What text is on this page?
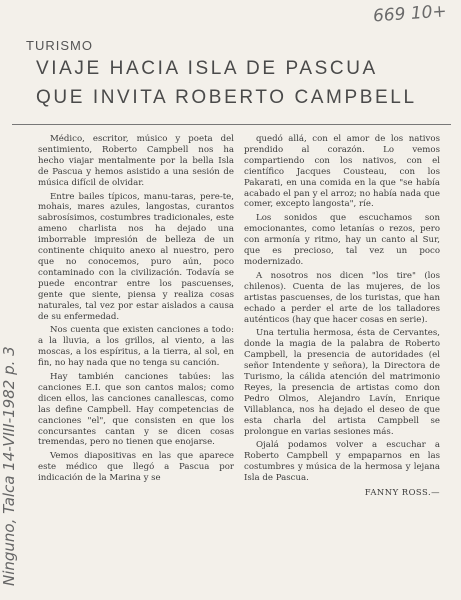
669 10+
TURISMO
VIAJE HACIA ISLA DE PASCUA
QUE INVITA ROBERTO CAMPBELL

Médico, escritor, músico y poeta del sentimiento, Roberto Campbell nos ha hecho viajar mentalmente por la bella Isla de Pascua y hemos asistido a una sesión de música difícil de olvidar.

Entre bailes típicos, manu-taras, pere-te, mohais, mares azules, langostas, curantos sabrosísimos, costumbres tradicionales, este ameno charlista nos ha dejado una imborrable impresión de belleza de un continente chiquito anexo al nuestro, pero que no conocemos, puro aún, poco contaminado con la civilización. Todavía se puede encontrar entre los pascuenses, gente que siente, piensa y realiza cosas naturales, tal vez por estar aislados a causa de su enfermedad.

Nos cuenta que existen canciones a todo: a la lluvia, a los grillos, al viento, a las moscas, a los espíritus, a la tierra, al sol, en fin, no hay nada que no tenga su canción.

Hay también canciones tabúes: las canciones E.I. que son cantos malos; como dicen ellos, las canciones canallescas, como las define Campbell. Hay competencias de canciones "el", que consisten en que los concursantes cantan y se dicen cosas tremendas, pero no tienen que enojarse.

Vemos diapositivas en las que aparece este médico que llegó a Pascua por indicación de la Marina y se

quedó allá, con el amor de los nativos prendido al corazón. Lo vemos compartiendo con los nativos, con el científico Jacques Cousteau, con los Pakarati, en una comida en la que "se había acabado el pan y el arroz; no había nada que comer, excepto langosta", ríe.

Los sonidos que escuchamos son emocionantes, como letanías o rezos, pero con armonía y ritmo, hay un canto al Sur, que es precioso, tal vez un poco modernizado.

A nosotros nos dicen "los tire" (los chilenos). Cuenta de las mujeres, de los artistas pascuenses, de los turistas, que han echado a perder el arte de los talladores auténticos (hay que hacer cosas en serie).

Una tertulia hermosa, ésta de Cervantes, donde la magia de la palabra de Roberto Campbell, la presencia de autoridades (el señor Intendente y señora), la Directora de Turismo, la cálida atención del matrimonio Reyes, la presencia de artistas como don Pedro Olmos, Alejandro Lavín, Enrique Villablanca, nos ha dejado el deseo de que esta charla del artista Campbell se prolongue en varias sesiones más.

Ojalá podamos volver a escuchar a Roberto Campbell y empaparnos en las costumbres y música de la hermosa y lejana Isla de Pascua.

FANNY ROSS.—
Ninguno, Talca 14-VIII-1982 p. 3
